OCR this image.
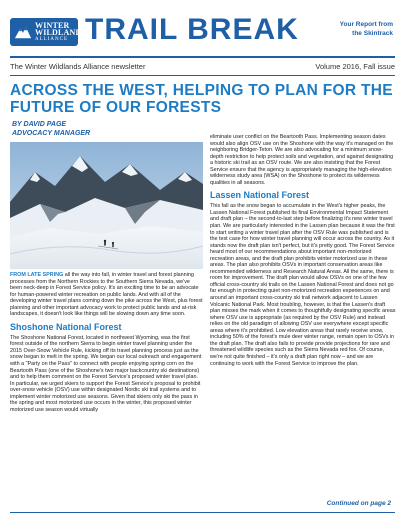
WINTER
WILDLANDS
ALLIANCE TRAIL BREAK	Your Report from the Skintrack
The Winter Wildlands Alliance newsletter	Volume 2016, Fall issue
ACROSS THE WEST, HELPING TO PLAN FOR THE FUTURE OF OUR FORESTS
BY DAVID PAGE
ADVOCACY MANAGER

FROM LATE SPRING all the way into fall, in winter travel and forest planning processes from the Northern Rockies to the Southern Sierra Nevada, we've been neck-deep in Forest Service policy. It's an exciting time to be an advocate for human-powered winter recreation on public lands. And with all of the developing winter travel plans coming down the pike across the West, plus forest planning and other important advocacy work to protect public lands and at-risk landscapes, it doesn't look like things will be slowing down any time soon.

Shoshone National Forest

The Shoshone National Forest, located in northwest Wyoming, was the first forest outside of the northern Sierra to begin winter travel planning under the 2015 Over-Snow Vehicle Rule, kicking off its travel planning process just as the snow began to melt in the spring. We began our local outreach and engagement with a "Party on the Pass" to connect with people enjoying spring corn on the Beartooth Pass (one of the Shoshone's two major backcountry ski destinations) and to help them comment on the Forest Service's proposed winter travel plan. In particular, we urged skiers to support the Forest Service's proposal to prohibit over-snow vehicle (OSV) use within designated Nordic ski trail systems and to implement winter motorized use seasons. Given that skiers only ski the pass in the spring and most motorized use occurs in the winter, this proposed winter motorized use season would virtually

eliminate user conflict on the Beartooth Pass. Implementing season dates would also align OSV use on the Shoshone with the way it's managed on the neighboring Bridger-Teton. We are also advocating for a minimum snow-depth restriction to help protect soils and vegetation, and against designating a historic ski trail as an OSV route. We are also insisting that the Forest Service ensure that the agency is appropriately managing the high-elevation wilderness study area (WSA) on the Shoshone to protect its wilderness qualities in all seasons.

Lassen National Forest

This fall as the snow began to accumulate in the West's higher peaks, the Lassen National Forest published its final Environmental Impact Statement and draft plan – the second-to-last step before finalizing it's new winter travel plan. We are particularly interested in the Lassen plan because it was the first to start writing a winter travel plan after the OSV Rule was published and is the test case for how winter travel planning will occur across the country. As it stands now the draft plan isn't perfect, but it's pretty good. The Forest Service heard most of our recommendations about important non-motorized recreation areas, and the draft plan prohibits winter motorized use in these areas. The plan also prohibits OSVs in important conservation areas like recommended wilderness and Research Natural Areas. All the same, there is room for improvement. The draft plan would allow OSVs on one of the few official cross-country ski trails on the Lassen National Forest and does not go far enough in protecting quiet non-motorized recreation experiences on and around an important cross-country ski trail network adjacent to Lassen Volcanic National Park. Most troubling, however, is that the Lassen's draft plan misses the mark when it comes to thoughtfully designating specific areas where OSV use is appropriate (as required by the OSV Rule) and instead relies on the old paradigm of allowing OSV use everywhere except specific areas where it's prohibited. Low elevation areas that rarely receive snow, including 50% of the forest's mule deer winter range, remain open to OSVs in the draft plan. The draft also fails to provide provide projections for rare and threatened wildlife species such as the Sierra Nevada red fox. Of course, we're not quite finished – it's only a draft plan right now – and we are continuing to work with the Forest Service to improve the plan.

Continued on page 2
